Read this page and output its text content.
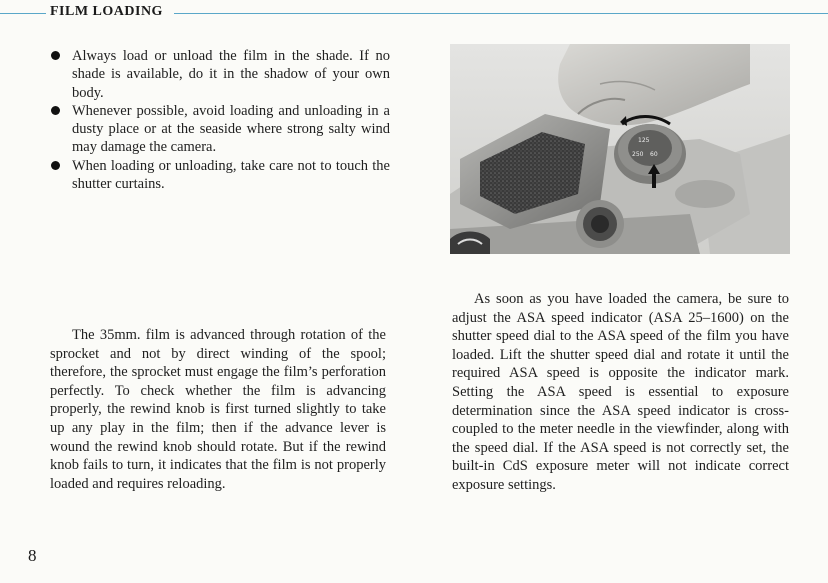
FILM LOADING
Always load or unload the film in the shade. If no shade is available, do it in the shadow of your own body.
Whenever possible, avoid loading and unloading in a dusty place or at the seaside where strong salty wind may damage the camera.
When loading or unloading, take care not to touch the shutter curtains.

The 35mm. film is advanced through rotation of the sprocket and not by direct winding of the spool; therefore, the sprocket must engage the film’s perforation perfectly. To check whether the film is advancing properly, the rewind knob is first turned slightly to take up any play in the film; then if the advance lever is wound the rewind knob should rotate. But if the rewind knob fails to turn, it indicates that the film is not properly loaded and requires reloading.

125
60
250

As soon as you have loaded the camera, be sure to adjust the ASA speed indicator (ASA 25–1600) on the shutter speed dial to the ASA speed of the film you have loaded. Lift the shutter speed dial and rotate it until the required ASA speed is opposite the indicator mark. Setting the ASA speed is essential to exposure determination since the ASA speed indicator is cross-coupled to the meter needle in the viewfinder, along with the speed dial. If the ASA speed is not correctly set, the built-in CdS exposure meter will not indicate correct exposure settings.

8
